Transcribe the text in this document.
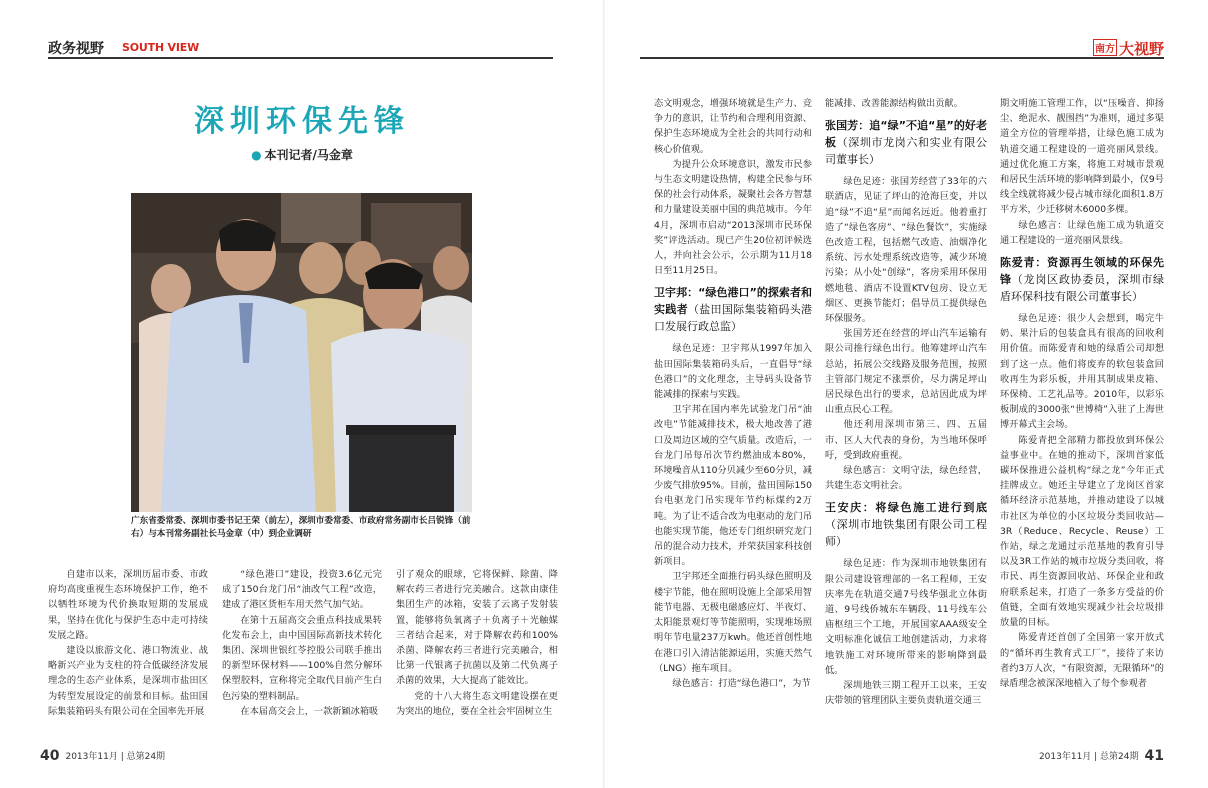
政务视野 SOUTH VIEW
深圳环保先锋
● 本刊记者/马金章
广东省委常委、深圳市委书记王荣（前左），深圳市委常委、市政府常务副市长吕锐锋（前右）与本刊常务副社长马金章（中）到企业调研

自建市以来，深圳历届市委、市政府均高度重视生态环境保护工作，绝不以牺牲环境为代价换取短期的发展成果，坚持在优化与保护生态中走可持续发展之路。

建设以旅游文化、港口物流业、战略新兴产业为支柱的符合低碳经济发展理念的生态产业体系，是深圳市盐田区为转型发展设定的前景和目标。盐田国际集装箱码头有限公司在全国率先开展

“绿色港口”建设，投资3.6亿元完成了150台龙门吊“油改气工程”改造，建成了港区货柜车用天然气加气站。

在第十五届高交会重点科技成果转化发布会上，由中国国际高新技术转化集团、深圳世银红苓控股公司联手推出的新型环保材料——100%自然分解环保塑胶料，宣称将完全取代目前产生白色污染的塑料制品。

在本届高交会上，一款新颖冰箱吸

引了观众的眼球，它将保鲜、除菌、降解农药三者进行完美融合。这款由康佳集团生产的冰箱，安装了云离子发射装置，能够将负氧离子＋负离子＋光触媒三者结合起来，对于降解农药和100%杀菌、降解农药三者进行完美融合，相比第一代银离子抗菌以及第二代负离子杀菌的效果，大大提高了能效比。

党的十八大将生态文明建设摆在更为突出的地位，要在全社会牢固树立生

40 2013年11月 | 总第24期
南方 大视野

态文明观念，增强环境就是生产力、竞争力的意识，让节约和合理利用资源、保护生态环境成为全社会的共同行动和核心价值观。

为提升公众环境意识，激发市民参与生态文明建设热情，构建全民参与环保的社会行动体系，凝聚社会各方智慧和力量建设美丽中国的典范城市。今年4月，深圳市启动“2013深圳市民环保奖”评选活动。现已产生20位初评候选人，并向社会公示，公示期为11月18日至11月25日。

卫宇邦：“绿色港口”的探索者和实践者（盐田国际集装箱码头港口发展行政总监）

绿色足迹：卫宇邦从1997年加入盐田国际集装箱码头后，一直倡导“绿色港口”的文化理念，主导码头设备节能减排的探索与实践。

卫宇邦在国内率先试验龙门吊“油改电”节能减排技术，极大地改善了港口及周边区域的空气质量。改造后，一台龙门吊每吊次节约燃油成本80%，环境噪音从110分贝减少至60分贝，减少废气排放95%。目前，盐田国际150台电驱龙门吊实现年节约标煤约2万吨。为了让不适合改为电驱动的龙门吊也能实现节能，他还专门组织研究龙门吊的混合动力技术，并荣获国家科技创新项目。

卫宇邦还全面推行码头绿色照明及楼宇节能，他在照明设施上全部采用智能节电器、无极电磁感应灯、半夜灯、太阳能景观灯等节能照明，实现堆场照明年节电量237万kwh。他还首创性地在港口引入清洁能源运用，实施天然气（LNG）拖车项目。

绿色感言：打造“绿色港口”，为节

能减排、改善能源结构做出贡献。

张国芳：追“绿”不追“星”的好老板（深圳市龙岗六和实业有限公司董事长）

绿色足迹：张国芳经营了33年的六联酒店，见证了坪山的沧海巨变，并以追“绿”不追“星”而闻名远近。他着重打造了“绿色客房”、“绿色餐饮”，实施绿色改造工程，包括燃气改造、油烟净化系统、污水处理系统改造等，减少环境污染；从小处“创绿”，客房采用环保用燃地毯、酒店不设置KTV包房、设立无烟区、更换节能灯；倡导员工提供绿色环保服务。

张国芳还在经营的坪山汽车运输有限公司推行绿色出行。他筹建坪山汽车总站，拓展公交线路及服务范围，按照主管部门规定不涨票价，尽力满足坪山居民绿色出行的要求，总站因此成为坪山重点民心工程。

他还利用深圳市第三、四、五届市、区人大代表的身份，为当地环保呼吁，受到政府重视。

绿色感言：文明守法，绿色经营，共建生态文明社会。

王安庆：将绿色施工进行到底（深圳市地铁集团有限公司工程师）

绿色足迹：作为深圳市地铁集团有限公司建设管理部的一名工程师，王安庆率先在轨道交通7号线华强北立体街道、9号线侨城东车辆段、11号线车公庙枢纽三个工地，开展国家AAA级安全文明标准化诚信工地创建活动，力求将地铁施工对环境所带来的影响降到最低。

深圳地铁三期工程开工以来，王安庆带领的管理团队主要负责轨道交通三

期文明施工管理工作，以“压噪音、抑扬尘、绝泥水、靓围挡”为准则，通过多渠道全方位的管理举措，让绿色施工成为轨道交通工程建设的一道亮丽风景线。通过优化施工方案，将施工对城市景观和居民生活环境的影响降到最小，仅9号线全线就将减少侵占城市绿化面积1.8万平方米，少迁移树木6000多棵。

绿色感言：让绿色施工成为轨道交通工程建设的一道亮丽风景线。

陈爱青：资源再生领域的环保先锋（龙岗区政协委员，深圳市绿盾环保科技有限公司董事长）

绿色足迹：很少人会想到，喝完牛奶、果汁后的包装盒具有很高的回收利用价值。而陈爱青和她的绿盾公司却想到了这一点。他们将废弃的软包装盒回收再生为彩乐板，并用其制成果皮箱、环保椅、工艺礼品等。2010年，以彩乐板制成的3000张“世博椅”入驻了上海世博开幕式主会场。

陈爱青把全部精力都投放到环保公益事业中。在她的推动下，深圳首家低碳环保推进公益机构“绿之龙”今年正式挂牌成立。她还主导建立了龙岗区首家循环经济示范基地，并推动建设了以城市社区为单位的小区垃圾分类回收站—3R（Reduce、Recycle、Reuse）工作站，绿之龙通过示范基地的教育引导以及3R工作站的城市垃圾分类回收，将市民、再生资源回收站、环保企业和政府联系起来，打造了一条多方受益的价值链，全面有效地实现减少社会垃圾排放量的目标。

陈爱青还首创了全国第一家开放式的“循环再生教育式工厂”，接待了来访者约3万人次，“有限资源，无限循环”的绿盾理念被深深地植入了每个参观者

2013年11月 | 总第24期 41
